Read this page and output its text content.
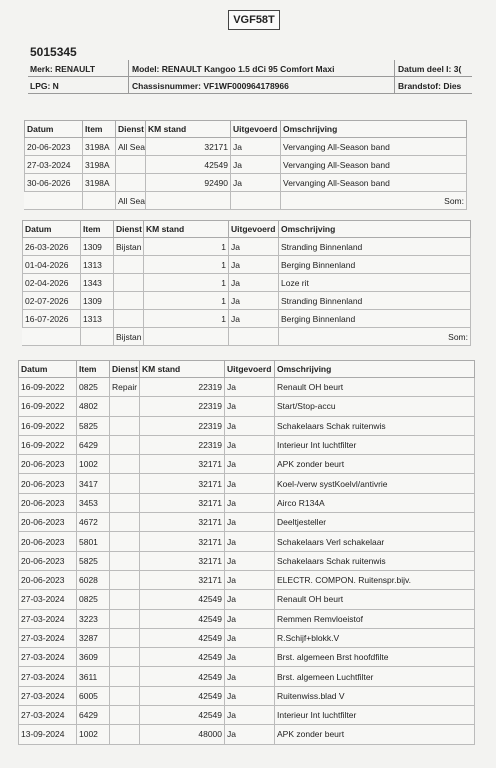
VGF58T
5015345
Merk: RENAULT	Model: RENAULT Kangoo 1.5 dCi 95 Comfort Maxi	Datum deel I: 3(
LPG: N	Chassisnummer: VF1WF000964178966	Brandstof: Dies
Datum	Item	Dienst	KM stand	Uitgevoerd	Omschrijving
20-06-2023	3198A	All Sea	32171	Ja	Vervanging All-Season band
27-03-2024	3198A		42549	Ja	Vervanging All-Season band
30-06-2026	3198A		92490	Ja	Vervanging All-Season band
		All Sea			Som:
Datum	Item	Dienst	KM stand	Uitgevoerd	Omschrijving
26-03-2026	1309	Bijstan	1	Ja	Stranding Binnenland
01-04-2026	1313		1	Ja	Berging Binnenland
02-04-2026	1343		1	Ja	Loze rit
02-07-2026	1309		1	Ja	Stranding Binnenland
16-07-2026	1313		1	Ja	Berging Binnenland
		Bijstan			Som:
Datum	Item	Dienst	KM stand	Uitgevoerd	Omschrijving
16-09-2022	0825	Repair	22319	Ja	Renault OH beurt
16-09-2022	4802		22319	Ja	Start/Stop-accu
16-09-2022	5825		22319	Ja	Schakelaars Schak ruitenwis
16-09-2022	6429		22319	Ja	Interieur Int luchtfilter
20-06-2023	1002		32171	Ja	APK zonder beurt
20-06-2023	3417		32171	Ja	Koel-/verw systKoelvl/antivrie
20-06-2023	3453		32171	Ja	Airco R134A
20-06-2023	4672		32171	Ja	Deeltjesteller
20-06-2023	5801		32171	Ja	Schakelaars Verl schakelaar
20-06-2023	5825		32171	Ja	Schakelaars Schak ruitenwis
20-06-2023	6028		32171	Ja	ELECTR. COMPON. Ruitenspr.bijv.
27-03-2024	0825		42549	Ja	Renault OH beurt
27-03-2024	3223		42549	Ja	Remmen Remvloeistof
27-03-2024	3287		42549	Ja	R.Schijf+blokk.V
27-03-2024	3609		42549	Ja	Brst. algemeen Brst hoofdfilte
27-03-2024	3611		42549	Ja	Brst. algemeen Luchtfilter
27-03-2024	6005		42549	Ja	Ruitenwiss.blad V
27-03-2024	6429		42549	Ja	Interieur Int luchtfilter
13-09-2024	1002		48000	Ja	APK zonder beurt
